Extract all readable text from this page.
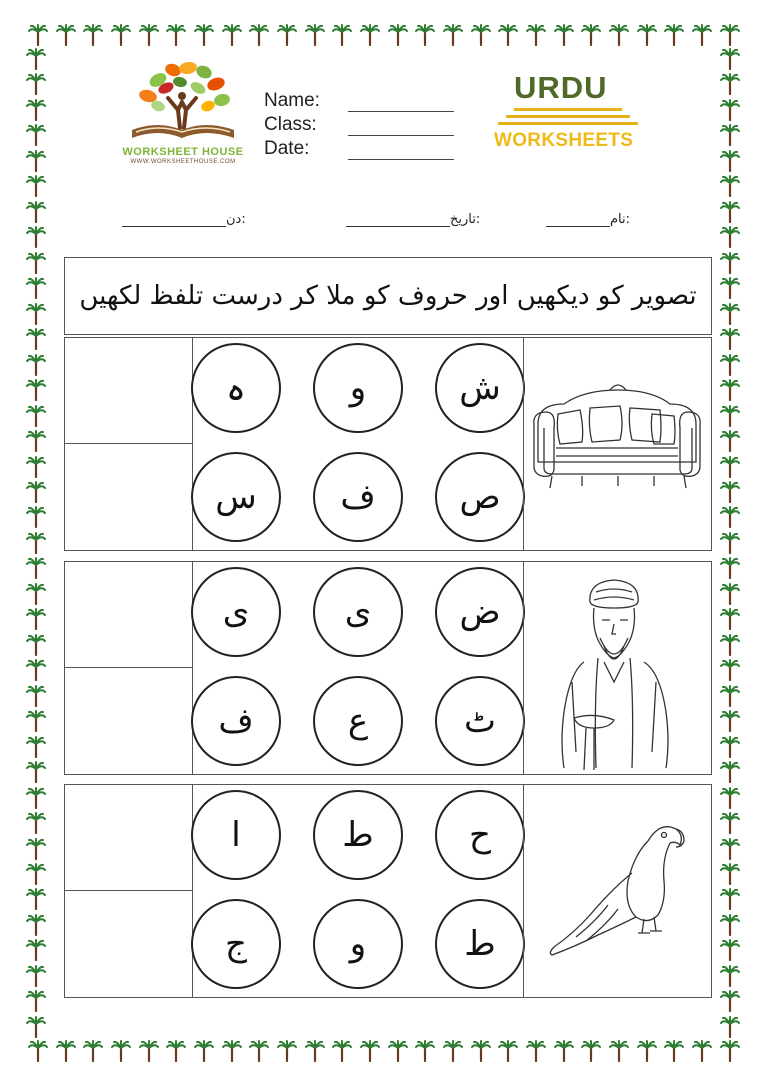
WORKSHEET HOUSE
WWW.WORKSHEETHOUSE.COM
Name:
Class:
Date:
URDU
WORKSHEETS
نام:
تاریخ:
دن:
تصویر کو دیکھیں اور حروف کو ملا کر درست تلفظ لکھیں
ش
و
ہ
ص
ف
س
ض
ی
ی
ٹ
ع
ف
ح
ط
ا
ط
و
ج
